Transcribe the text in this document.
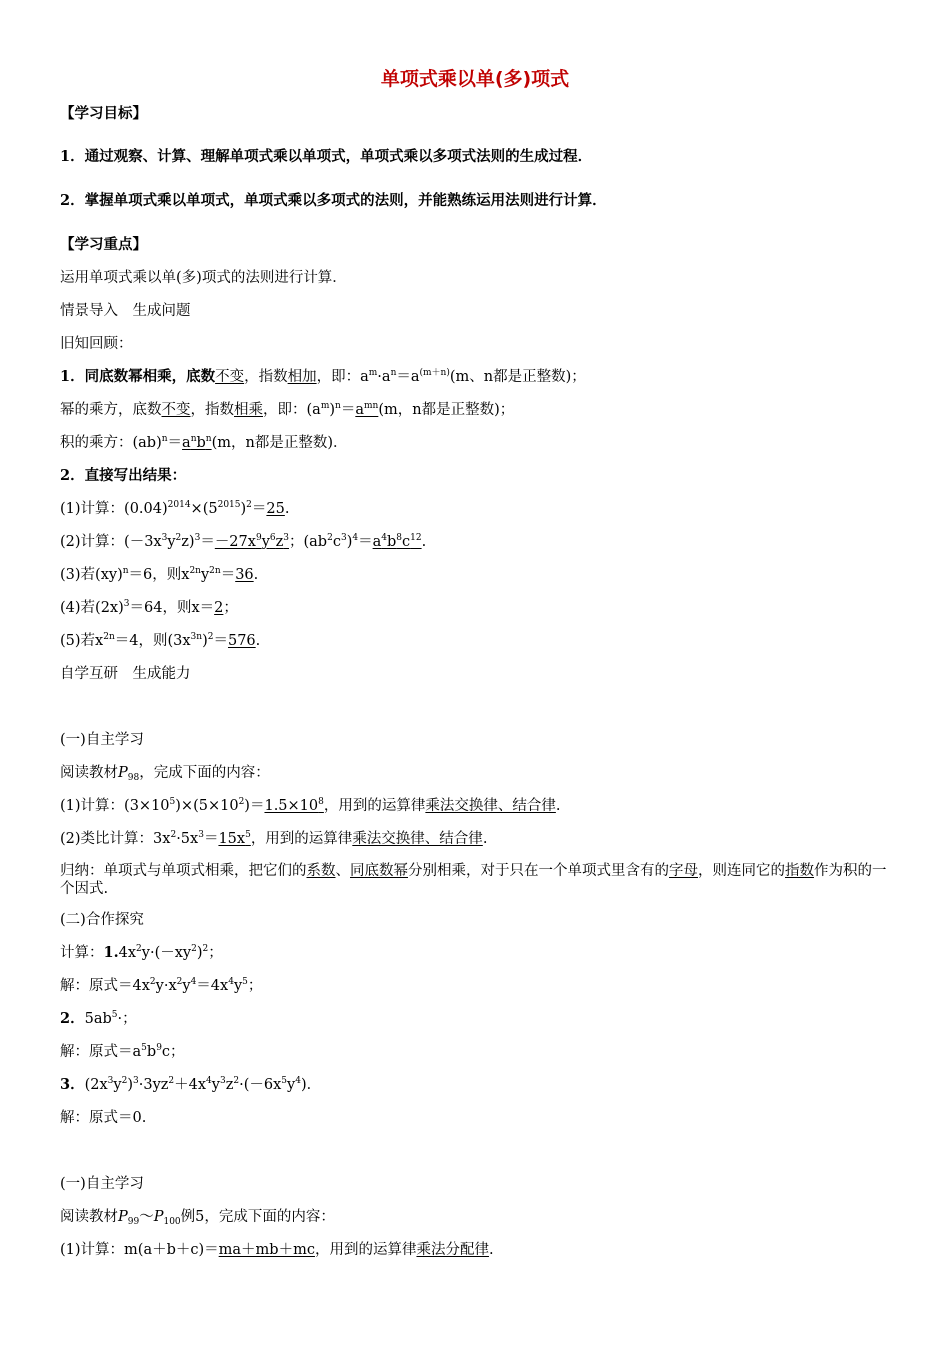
单项式乘以单(多)项式
【学习目标】
1．通过观察、计算、理解单项式乘以单项式，单项式乘以多项式法则的生成过程．
2．掌握单项式乘以单项式，单项式乘以多项式的法则，并能熟练运用法则进行计算．
【学习重点】
运用单项式乘以单(多)项式的法则进行计算．
情景导入　生成问题
旧知回顾：
1．同底数幂相乘，底数不变，指数相加，即：$a^m\cdot a^n=a^{(m+n)}(m$、n都是正整数)；
幂的乘方，底数不变，指数相乘，即：$(a^m)^n=a^{mn}(m$，n都是正整数)；
积的乘方：$(ab)^n=a^nb^n(m$，n都是正整数)．
2．直接写出结果：
(1)计算：$(0.04)^{2014}\times(5^{2015})^2=25$.
(2)计算：$(-3x^3y^2z)^3=-27x^9y^6z^3$；$(ab^2c^3)^4=a^4b^8c^{12}$.
(3)若(xy)$^n$＝6，则$x^{2n}y^{2n}=36$.
(4)若$(2x)^3=64$，则x＝2；
(5)若$x^{2n}=4$，则$(3x^{3n})^2=576$.
自学互研　生成能力
(一)自主学习
阅读教材$P_{98}$，完成下面的内容：
(1)计算：$(3\times 10^5)\times(5\times 10^2)=1.5\times 10^8$，用到的运算律乘法交换律、结合律.
(2)类比计算：$3x^2\cdot 5x^3=15x^5$，用到的运算律乘法交换律、结合律.
归纳：单项式与单项式相乘，把它们的系数、同底数幂分别相乘，对于只在一个单项式里含有的字母，则连同它的指数作为积的一个因式.
(二)合作探究
计算：$1.4x^2y\cdot(-xy^2)^2$；
解：原式$=4x^2y\cdot x^2y^4=4x^4y^5$；
2．$5ab^5\cdot$；
解：原式$=a^5b^9c$；
3．$(2x^3y^2)^3\cdot 3yz^2+4x^4y^3z^2\cdot(-6x^5y^4)$．
解：原式＝0.
(一)自主学习
阅读教材$P_{99}\sim P_{100}$例5，完成下面的内容：
(1)计算：m(a＋b＋c)＝ma＋mb＋mc，用到的运算律乘法分配律.
